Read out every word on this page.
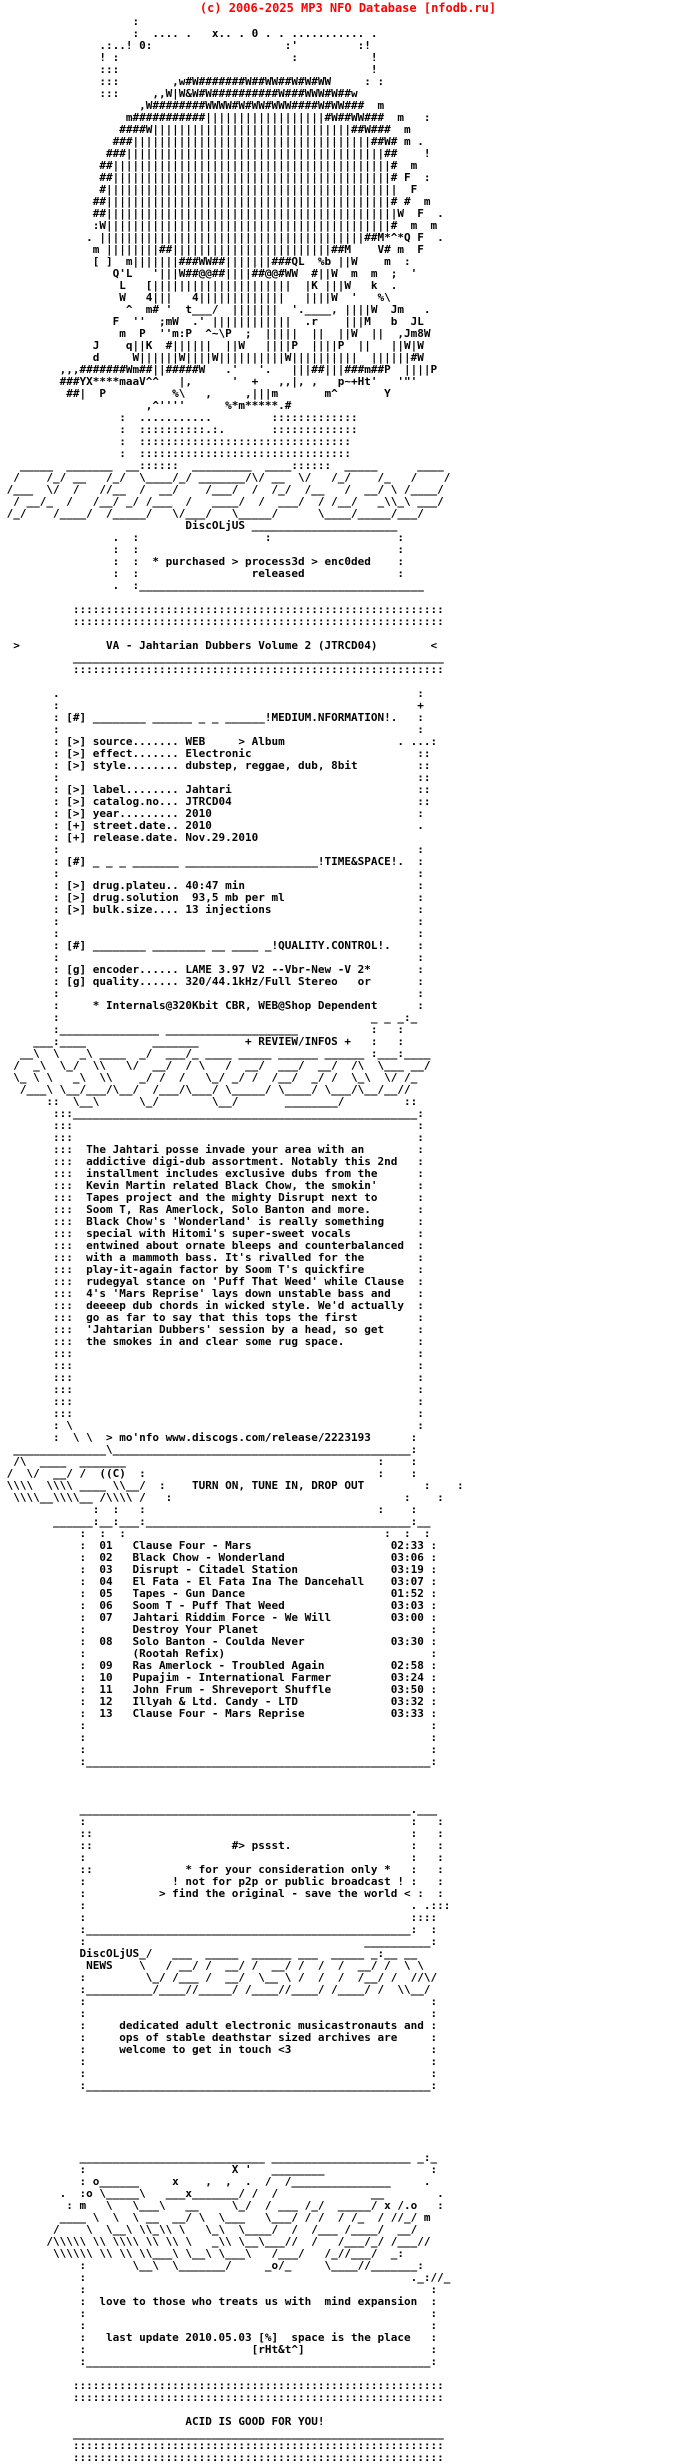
(c) 2006-2025 MP3 NFO Database [nfodb.ru]
:
:  .... .   x.. . 0 . . ........... .
.:..! 0:                    :'         :!
! :                          :           !
:::                                      !
:::        ,w#W#######W##WW##W#W#WW     : :
:::     ,,W|W&W#W##########W###WWW#W##w
,W########WWWW#W#WW#WWW####W#WW###  m
m###########||||||||||||||||||#W##WW###  m   :
####W||||||||||||||||||||||||||||||##W###  m
###||||||||||||||||||||||||||||||||||||##W# m .
###|||||||||||||||||||||||||||||||||||||||##    !
##||||||||||||||||||||||||||||||||||||||||||#  m
##||||||||||||||||||||||||||||||||||||||||||# F  :
#||||||||||||||||||||||||||||||||||||||||||||  F
##|||||||||||||||||||||||||||||||||||||||||||# #  m
##||||||||||||||||||||||||||||||||||||||||||||W  F  .
:W|||||||||||||||||||||||||||||||||||||||||||#  m  m
. ||||||||||||||||||||||||||||||||||||||||##M*^*Q F  .
m ||||||||##||||||||||||||||||||||||##M    V# m  F
[ ]  m|||||||###WW##|||||||###QL  %b ||W    m  :
Q'L   '|||W##@@##||||##@@#WW  #||W  m  m  ;  '
L   [|||||||||||||||||||||  |K |||W   k  .
W   4|||   4|||||||||||||   ||||W  '   %\
^  m# '  t___/  |||||||  '.____, ||||W  Jm   .
F  ''  ;mW  .' ||||||||||||  .r    |||M   b  JL
m  P  ''m:P  ^~\P  ;  |||||  ||  ||W  ||  ,Jm8W
J    q||K  #||||||  ||W   ||||P  ||||P  ||   ||W|W
d     W||||||W||||W||||||||||W||||||||||  ||||||#W
,,,#######Wm##||#####W   .'   '.   |||##|||###m##P  ||||P
###YX****maaV^^   |,      '  +   ,,|, ,   p~+Ht'   '"'
##|  P          %\   ,     ,|||m       m^       Y
,^''''      %*m*****.#
:  ...........         :::::::::::::
:  ::::::::::.:.       :::::::::::::
:  ::::::::::::::::::::::::::::::::
:  ::::::::::::::::::::::::::::::::
_____  _______  __::::::  _________  ____::::::  _____      ____
/    /_/ __   /_/  \____/_/ _______/\/ __  \/   /_/    /_   /    /
/___  \/  /   //__  /  __/    /___/  /  /_/  /__   /  __/ \ /____/
/ __/_  /   /__/ _/ /___  /   ____/  /  ___/  / /__/   _\\_\ ___/
/_/    /____/  /_____/   \/___/   \_____/      \____/_____/___/
DiscOLjUS ______________________
.  :                   :                   :
:  :                                       :
:  :  * purchased > process3d > enc0ded    :
:  :                 released              :
.  :___________________________________________

::::::::::::::::::::::::::::::::::::::::::::::::::::::::
::::::::::::::::::::::::::::::::::::::::::::::::::::::::

>             VA - Jahtarian Dubbers Volume 2 (JTRCD04)        <
________________________________________________________
::::::::::::::::::::::::::::::::::::::::::::::::::::::::

.                                                      :
:                                                      +
: [#] ________ ______ _ _ ______!MEDIUM.NFORMATION!.   :
:                                                      :
: [>] source....... WEB     > Album                 . ...:
: [>] effect....... Electronic                         ::
: [>] style........ dubstep, reggae, dub, 8bit         ::
:                                                      ::
: [>] label........ Jahtari                            ::
: [>] catalog.no... JTRCD04                            ::
: [>] year......... 2010                               :
: [+] street.date.. 2010                               .
: [+] release.date. Nov.29.2010
:                                                      :
: [#] _ _ _ _______ ____________________!TIME&SPACE!.  :
:                                                      :
: [>] drug.plateu.. 40:47 min                          :
: [>] drug.solution  93,5 mb per ml                    :
: [>] bulk.size.... 13 injections                      :
:                                                      :
:                                                      :
: [#] ________ ________ __ ____ _!QUALITY.CONTROL!.    :
:                                                      :
: [g] encoder...... LAME 3.97 V2 --Vbr-New -V 2*       :
: [g] quality...... 320/44.1kHz/Full Stereo   or       :
:                                                      :
:     * Internals@320Kbit CBR, WEB@Shop Dependent      :
:                                               _ _ _:_
:_______________ ____________________           :   :
___:____          _______       + REVIEW/INFOS +   :   :
__\  \   _\ ____  _/  ___/_ ____ _____ ______ ______ :___:____
/  _\  \_/  \\   \/  __/  / \   /  __/  ___/  __/  /\  \___ __/
\_ \ \   _\  \\    _/ /  /   \_/ _/ /  /__/  _/ /  \_\  \/ /_
/___\ \__/___/\__/  /___/\___/ \_____/ \____/ \___/\__/__//
::  \__\      \_/        \__/       ________/         ::
:::____________________________________________________:
:::                                                    :
:::                                                    :
:::  The Jahtari posse invade your area with an        :
:::  addictive digi-dub assortment. Notably this 2nd   :
:::  installment includes exclusive dubs from the      :
:::  Kevin Martin related Black Chow, the smokin'      :
:::  Tapes project and the mighty Disrupt next to      :
:::  Soom T, Ras Amerlock, Solo Banton and more.       :
:::  Black Chow's 'Wonderland' is really something     :
:::  special with Hitomi's super-sweet vocals          :
:::  entwined about ornate bleeps and counterbalanced  :
:::  with a mammoth bass. It's rivalled for the        :
:::  play-it-again factor by Soom T's quickfire        :
:::  rudegyal stance on 'Puff That Weed' while Clause  :
:::  4's 'Mars Reprise' lays down unstable bass and    :
:::  deeeep dub chords in wicked style. We'd actually  :
:::  go as far to say that this tops the first         :
:::  'Jahtarian Dubbers' session by a head, so get     :
:::  the smokes in and clear some rug space.           :
:::                                                    :
:::                                                    :
:::                                                    :
:::                                                    :
:::                                                    :
:::                                                    :
: \                                                    :
:  \ \  > mo'nfo www.discogs.com/release/2223193      :
______________\_____________________________________________:
/\  ____  _______                                      :    :
/  \/  __/ /  ((C)  :                                   :    :
\\\\  \\\\ ____ \\__/  :    TURN ON, TUNE IN, DROP OUT         :    :
\\\\__\\\\__ /\\\\ /   :                                   :    :
:  :   :                                   :    :
______:__:___:________________________________________:__
:  :  :                                       :  :  :
:  01   Clause Four - Mars                     02:33 :
:  02   Black Chow - Wonderland                03:06 :
:  03   Disrupt - Citadel Station              03:19 :
:  04   El Fata - El Fata Ina The Dancehall    03:07 :
:  05   Tapes - Gun Dance                      01:52 :
:  06   Soom T - Puff That Weed                03:03 :
:  07   Jahtari Riddim Force - We Will         03:00 :
:       Destroy Your Planet                          :
:  08   Solo Banton - Coulda Never             03:30 :
:       (Rootah Refix)                               :
:  09   Ras Amerlock - Troubled Again          02:58 :
:  10   Pupajim - International Farmer         03:24 :
:  11   John Frum - Shreveport Shuffle         03:50 :
:  12   Illyah & Ltd. Candy - LTD              03:32 :
:  13   Clause Four - Mars Reprise             03:33 :
:                                                    :
:                                                    :
:                                                    :
:____________________________________________________:

__________________________________________________.___
:                                                 :   :
::                                                :   :
::                     #> pssst.                  :   :
:                                                 :   :
::              * for your consideration only *   :   :
:             ! not for p2p or public broadcast ! :   :
:           > find the original - save the world < :  :
:                                                 . .:::
:                                                 ::::
:_________________________________________________:  :
:                                          __________:
DiscOLjUS_/   ___  _____  ______ ___  _____ _:__ __
NEWS    \   / __/ /  __/ /  __/ /  /  /  __/ /  \ \
:         \_/ /___ /  __/  \__ \ /  /  /  /__/ /  //\/
:__________/____//_____/ /____//____/ /____/ /  \\__/
:                                                    :
:                                                    :
:     dedicated adult electronic musicastronauts and :
:     ops of stable deathstar sized archives are     :
:     welcome to get in touch <3                     :
:                                                    :
:                                                    :
:____________________________________________________:

____________________________ _____________________ _:_
:                      X '   ________                :
: o______     x    ,  ,  .  /  /_______________     .
.  :o \_____\   ___x_______/ /  /              __        .
: m   \   \___\   __     \_/  / ___ /_/  _____/ x /.o   :
____ \  \  \ __  __/ \  \___   \___/ / /  / /_  / //_/ m
/    \  \__\ \\_\\ \   \_\  \____/  /  /___ /____/  __/
/\\\\\ \\ \\\\ \\ \\ \   _\\ \__\___//  /   /___/_/ /___//
\\\\\\ \\ \\ \\___\ \__\ \___\   /___/   /_//___/  _:
:       \__\  \_______/     _o/_     \____//_______:
:                                                 ._://_
:                                                    :
:  love to those who treats us with  mind expansion  :
:                                                    :
:                                                    :
:   last update 2010.05.03 [%]  space is the place   :
:                         [rHt&t^]                   :
:____________________________________________________:

::::::::::::::::::::::::::::::::::::::::::::::::::::::::
::::::::::::::::::::::::::::::::::::::::::::::::::::::::

ACID IS GOOD FOR YOU!
________________________________________________________
::::::::::::::::::::::::::::::::::::::::::::::::::::::::
::::::::::::::::::::::::::::::::::::::::::::::::::::::::
